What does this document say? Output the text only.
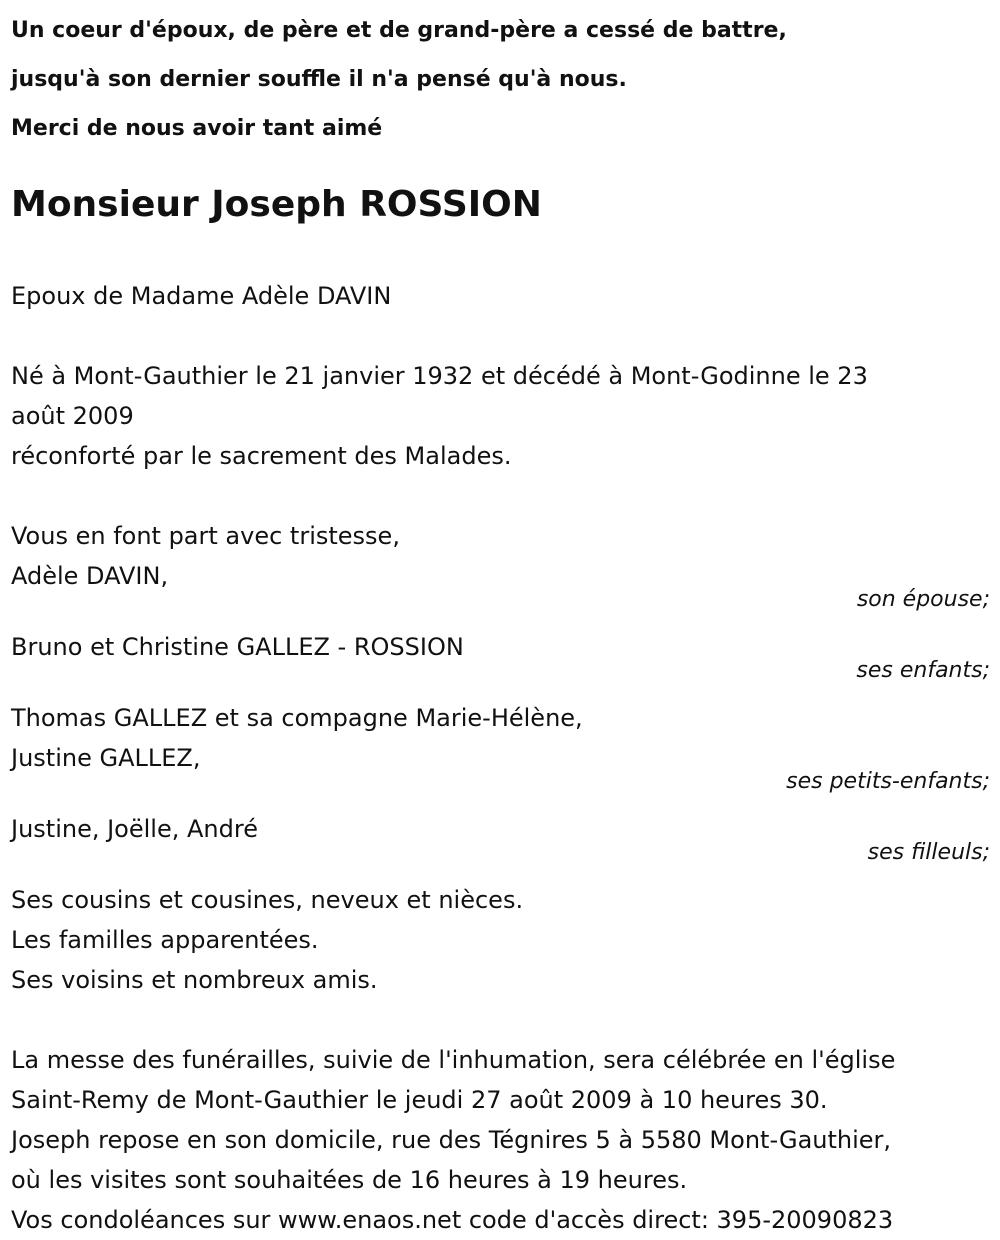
Un coeur d'époux, de père et de grand-père a cessé de battre,
jusqu'à son dernier souffle il n'a pensé qu'à nous.
Merci de nous avoir tant aimé
Monsieur Joseph ROSSION
Epoux de Madame Adèle DAVIN
Né à Mont-Gauthier le 21 janvier 1932 et décédé à Mont-Godinne le 23
août 2009
réconforté par le sacrement des Malades.
Vous en font part avec tristesse,
Adèle DAVIN,
son épouse;
Bruno et Christine GALLEZ - ROSSION
ses enfants;
Thomas GALLEZ et sa compagne Marie-Hélène,
Justine GALLEZ,
ses petits-enfants;
Justine, Joëlle, André
ses filleuls;
Ses cousins et cousines, neveux et nièces.
Les familles apparentées.
Ses voisins et nombreux amis.
La messe des funérailles, suivie de l'inhumation, sera célébrée en l'église
Saint-Remy de Mont-Gauthier le jeudi 27 août 2009 à 10 heures 30.
Joseph repose en son domicile, rue des Tégnires 5 à 5580 Mont-Gauthier,
où les visites sont souhaitées de 16 heures à 19 heures.
Vos condoléances sur www.enaos.net code d'accès direct: 395-20090823
